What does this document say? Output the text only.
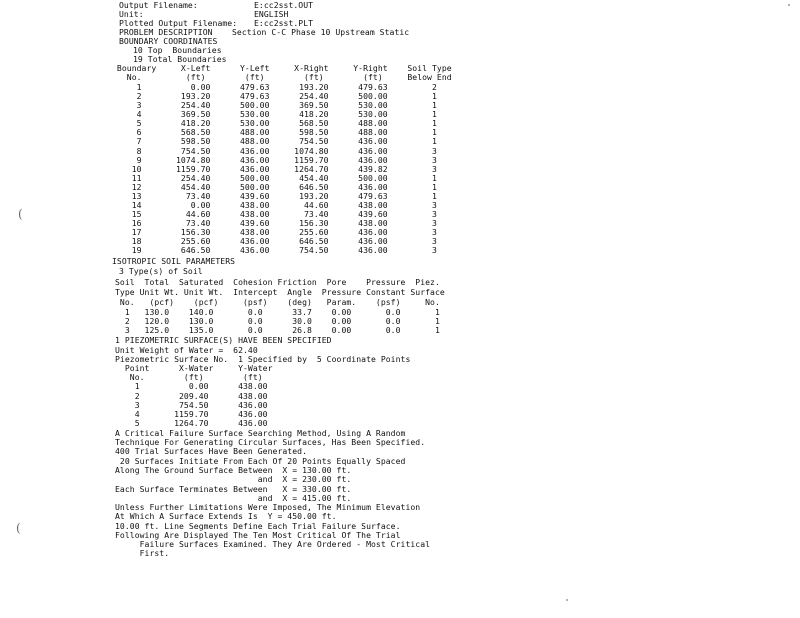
Output Filename:	E:cc2sst.OUT
Unit:	ENGLISH
Plotted Output Filename: E:cc2sst.PLT
PROBLEM DESCRIPTION Section C-C Phase 10 Upstream Static
BOUNDARY COORDINATES
10 Top  Boundaries
19 Total Boundaries
Boundary     X-Left      Y-Left     X-Right     Y-Right    Soil Type
No.         (ft)        (ft)        (ft)        (ft)     Below End
1          0.00      479.63      193.20      479.63         2
2        193.20      479.63      254.40      500.00         1
3        254.40      500.00      369.50      530.00         1
4        369.50      530.00      418.20      530.00         1
5        418.20      530.00      568.50      488.00         1
6        568.50      488.00      598.50      488.00         1
7        598.50      488.00      754.50      436.00         1
8        754.50      436.00     1074.80      436.00         3
9       1074.80      436.00     1159.70      436.00         3
10       1159.70      436.00     1264.70      439.82         3
11        254.40      500.00      454.40      500.00         1
12        454.40      500.00      646.50      436.00         1
13         73.40      439.60      193.20      479.63         1
14          0.00      438.00       44.60      438.00         3
15         44.60      438.00       73.40      439.60         3
16         73.40      439.60      156.30      438.00         3
17        156.30      438.00      255.60      436.00         3
18        255.60      436.00      646.50      436.00         3
19        646.50      436.00      754.50      436.00         3
ISOTROPIC SOIL PARAMETERS
3 Type(s) of Soil
Soil  Total  Saturated  Cohesion Friction  Pore    Pressure  Piez.
Type Unit Wt. Unit Wt.  Intercept  Angle  Pressure Constant Surface
No.   (pcf)    (pcf)     (psf)    (deg)   Param.    (psf)     No.
1   130.0    140.0       0.0      33.7    0.00       0.0       1
2   120.0    130.0       0.0      30.0    0.00       0.0       1
3   125.0    135.0       0.0      26.8    0.00       0.0       1
1 PIEZOMETRIC SURFACE(S) HAVE BEEN SPECIFIED
Unit Weight of Water =  62.40
Piezometric Surface No.  1 Specified by  5 Coordinate Points
Point      X-Water     Y-Water
No.        (ft)        (ft)
1          0.00      438.00
2        209.40      438.00
3        754.50      436.00
4       1159.70      436.00
5       1264.70      436.00
A Critical Failure Surface Searching Method, Using A Random
Technique For Generating Circular Surfaces, Has Been Specified.
400 Trial Surfaces Have Been Generated.
20 Surfaces Initiate From Each Of 20 Points Equally Spaced
Along The Ground Surface Between  X = 130.00 ft.
and  X = 230.00 ft.
Each Surface Terminates Between   X = 330.00 ft.
and  X = 415.00 ft.
Unless Further Limitations Were Imposed, The Minimum Elevation
At Which A Surface Extends Is  Y = 450.00 ft.
10.00 ft. Line Segments Define Each Trial Failure Surface.
Following Are Displayed The Ten Most Critical Of The Trial
Failure Surfaces Examined. They Are Ordered - Most Critical
First.
(
(
